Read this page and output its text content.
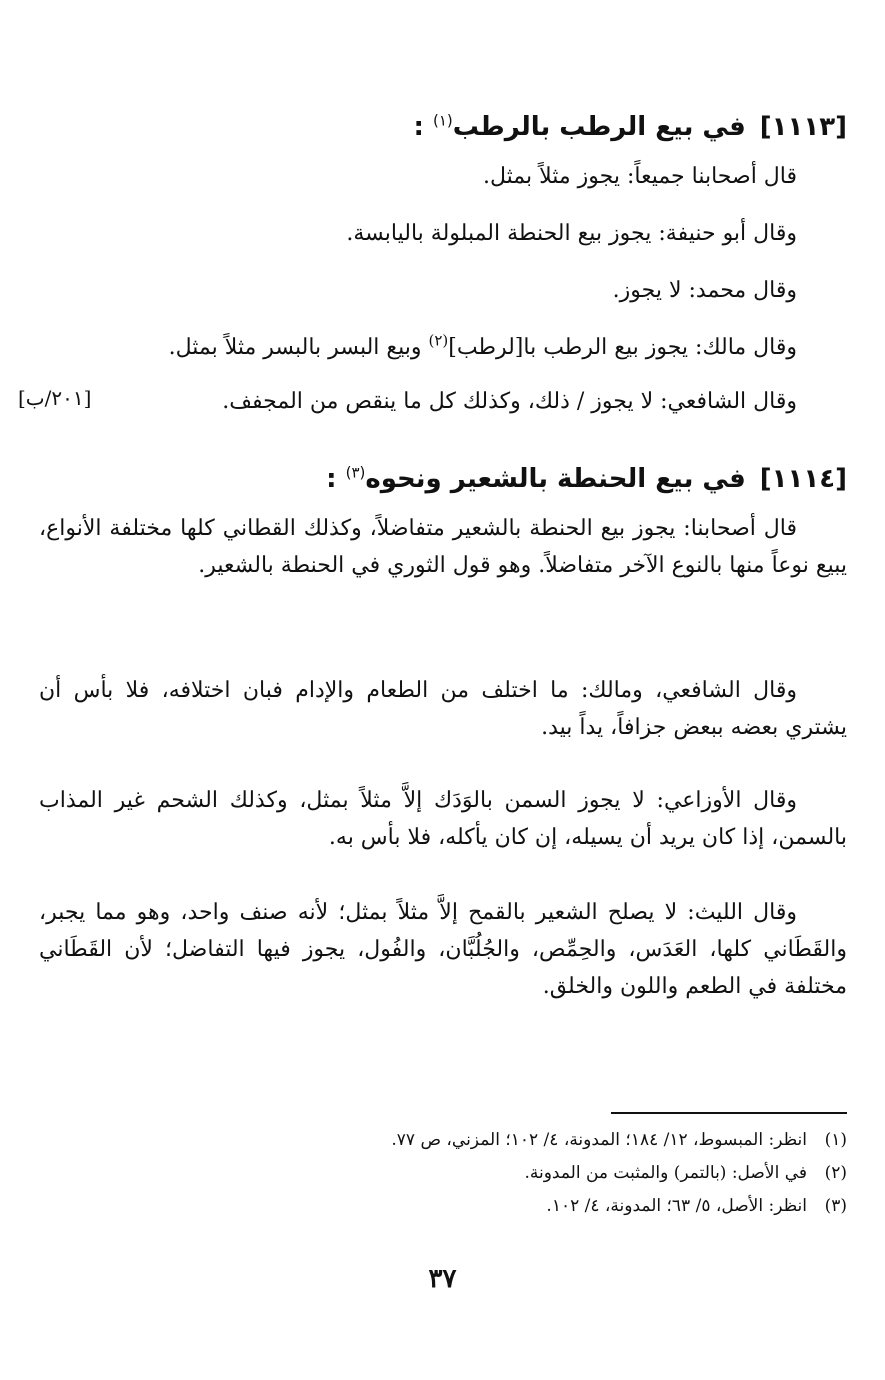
[١١١٣]في بيع الرطب بالرطب$^{(١)}$ :
قال أصحابنا جميعاً: يجوز مثلاً بمثل.
وقال أبو حنيفة: يجوز بيع الحنطة المبلولة باليابسة.
وقال محمد: لا يجوز.
وقال مالك: يجوز بيع الرطب با[لرطب]$^{(٢)}$ وبيع البسر بالبسر مثلاً بمثل.
وقال الشافعي: لا يجوز / ذلك، وكذلك كل ما ينقص من المجفف.
[٢٠١/ب]
[١١١٤]في بيع الحنطة بالشعير ونحوه$^{(٣)}$ :
قال أصحابنا: يجوز بيع الحنطة بالشعير متفاضلاً، وكذلك القطاني كلها مختلفة الأنواع، يبيع نوعاً منها بالنوع الآخر متفاضلاً. وهو قول الثوري في الحنطة بالشعير.
وقال الشافعي، ومالك: ما اختلف من الطعام والإدام فبان اختلافه، فلا بأس أن يشتري بعضه ببعض جزافاً، يداً بيد.
وقال الأوزاعي: لا يجوز السمن بالوَدَك إلاَّ مثلاً بمثل، وكذلك الشحم غير المذاب بالسمن، إذا كان يريد أن يسيله، إن كان يأكله، فلا بأس به.
وقال الليث: لا يصلح الشعير بالقمح إلاَّ مثلاً بمثل؛ لأنه صنف واحد، وهو مما يجبر، والقَطَاني كلها، العَدَس، والحِمِّص، والجُلُبَّان، والفُول، يجوز فيها التفاضل؛ لأن القَطَاني مختلفة في الطعم واللون والخلق.
(١)انظر: المبسوط، ١٢/ ١٨٤؛ المدونة، ٤/ ١٠٢؛ المزني، ص ٧٧.
(٢)في الأصل: (بالتمر) والمثبت من المدونة.
(٣)انظر: الأصل، ٥/ ٦٣؛ المدونة، ٤/ ١٠٢.
٣٧
